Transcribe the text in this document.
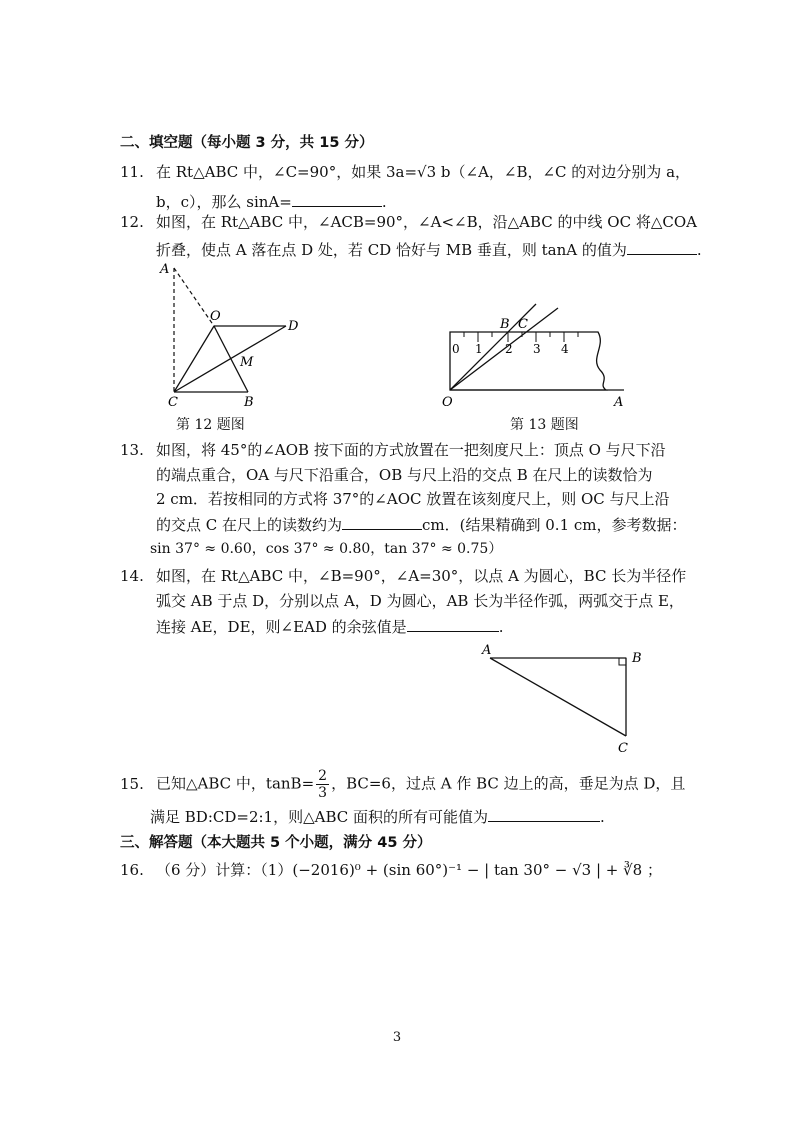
二、填空题（每小题 3 分，共 15 分）
11. 在 Rt△ABC 中，∠C=90°，如果 3a=√3 b（∠A，∠B，∠C 的对边分别为 a，
b，c），那么 sinA=	.
12. 如图，在 Rt△ABC 中，∠ACB=90°，∠A<∠B，沿△ABC 的中线 OC 将△COA
折叠，使点 A 落在点 D 处，若 CD 恰好与 MB 垂直，则 tanA 的值为	.
A
O
D
M
C	B
第 12 题图
0 1 2 3 4
B C
O	A
第 13 题图
13. 如图，将 45°的∠AOB 按下面的方式放置在一把刻度尺上：顶点 O 与尺下沿
的端点重合，OA 与尺下沿重合，OB 与尺上沿的交点 B 在尺上的读数恰为
2 cm．若按相同的方式将 37°的∠AOC 放置在该刻度尺上，则 OC 与尺上沿
的交点 C 在尺上的读数约为	cm．(结果精确到 0.1 cm，参考数据：
sin 37° ≈ 0.60，cos 37° ≈ 0.80，tan 37° ≈ 0.75）
14. 如图，在 Rt△ABC 中，∠B=90°，∠A=30°，以点 A 为圆心，BC 长为半径作
弧交 AB 于点 D，分别以点 A，D 为圆心，AB 长为半径作弧，两弧交于点 E，
连接 AE，DE，则∠EAD 的余弦值是	.
A
B
C
15. 已知△ABC 中，$\tan B= \frac{2}{3}$ ，BC=6，过点 A 作 BC 边上的高，垂足为点 D，且
满足 BD:CD=2:1，则△ABC 面积的所有可能值为	.
三、解答题（本大题共 5 个小题，满分 45 分）
16. （6 分）计算：（1）(−2016)⁰ + (sin 60°)⁻¹ − | tan 30° − √3 | + ∛8 ；
3
